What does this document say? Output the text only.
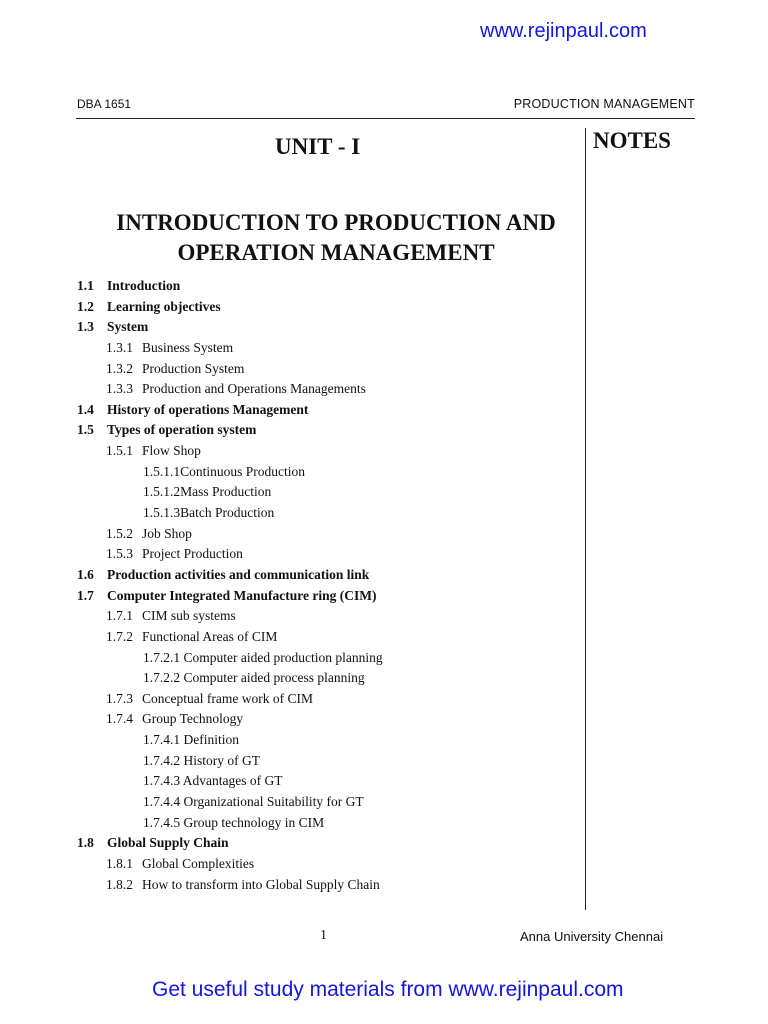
www.rejinpaul.com
DBA 1651	PRODUCTION MANAGEMENT
NOTES
UNIT - I
INTRODUCTION TO PRODUCTION AND OPERATION MANAGEMENT
1.1 Introduction
1.2 Learning objectives
1.3 System
1.3.1 Business System
1.3.2 Production System
1.3.3 Production and Operations Managements
1.4 History of operations Management
1.5 Types of operation system
1.5.1 Flow Shop
1.5.1.1 Continuous Production
1.5.1.2 Mass Production
1.5.1.3 Batch Production
1.5.2 Job Shop
1.5.3 Project Production
1.6 Production activities and communication link
1.7 Computer Integrated Manufacture ring (CIM)
1.7.1 CIM sub systems
1.7.2 Functional Areas of CIM
1.7.2.1 Computer aided production planning
1.7.2.2 Computer aided process planning
1.7.3 Conceptual frame work of CIM
1.7.4 Group Technology
1.7.4.1 Definition
1.7.4.2 History of GT
1.7.4.3 Advantages of GT
1.7.4.4 Organizational Suitability for GT
1.7.4.5 Group technology in CIM
1.8 Global Supply Chain
1.8.1 Global Complexities
1.8.2 How to transform into Global Supply Chain
1	Anna University Chennai
Get useful study materials from www.rejinpaul.com
